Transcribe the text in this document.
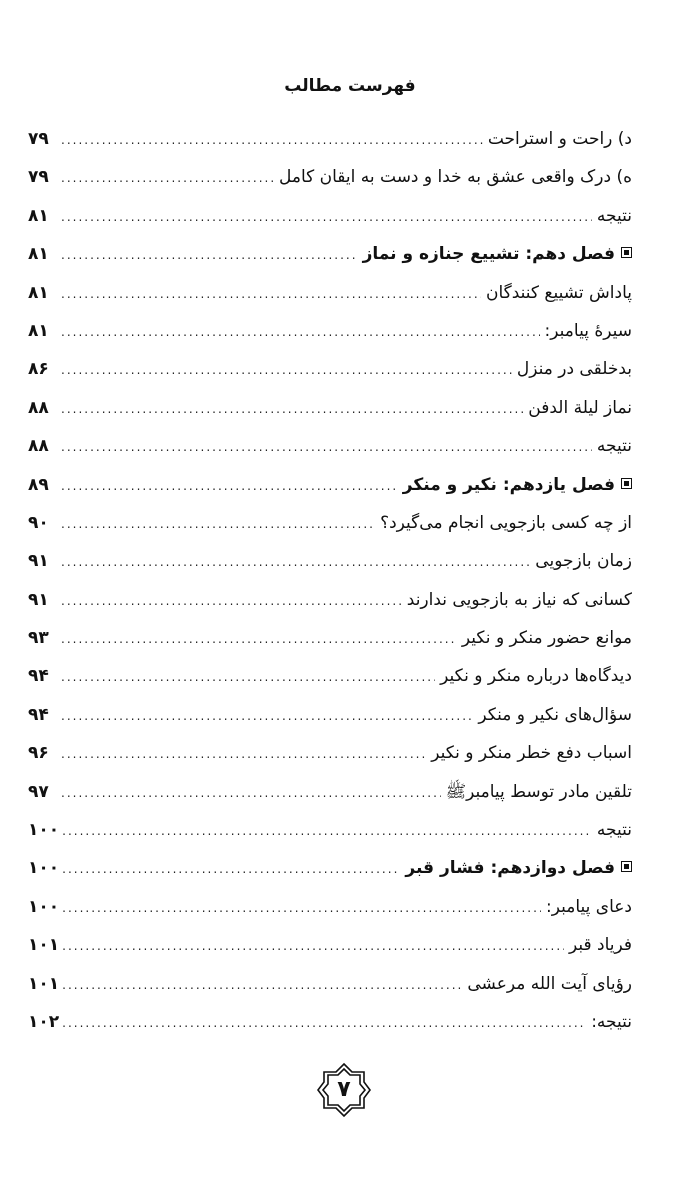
فهرست مطالب
د) راحت و استراحت
.....
۷۹
ه) درک واقعی عشق به خدا و دست به ایقان کامل
.....
۷۹
نتیجه
.....
۸۱
فصل دهم: تشییع جنازه و نماز
.....
۸۱
پاداش تشییع کنندگان
.....
۸۱
سیرهٔ پیامبر:
.....
۸۱
بدخلقی در منزل
.....
۸۶
نماز لیلة الدفن
.....
۸۸
نتیجه
.....
۸۸
فصل یازدهم: نکیر و منکر
.....
۸۹
از چه کسی بازجویی انجام می‌گیرد؟
.....
۹۰
زمان بازجویی
.....
۹۱
کسانی که نیاز به بازجویی ندارند
.....
۹۱
موانع حضور منکر و نکیر
.....
۹۳
دیدگاه‌ها درباره منکر و نکیر
.....
۹۴
سؤال‌های نکیر و منکر
.....
۹۴
اسباب دفع خطر منکر و نکیر
.....
۹۶
تلقین مادر توسط پیامبرﷺ
.....
۹۷
نتیجه
.....
۱۰۰
فصل دوازدهم: فشار قبر
.....
۱۰۰
دعای پیامبر:
.....
۱۰۰
فریاد قبر
.....
۱۰۱
رؤیای آیت الله مرعشی
.....
۱۰۱
نتیجه:
.....
۱۰۲
۷
